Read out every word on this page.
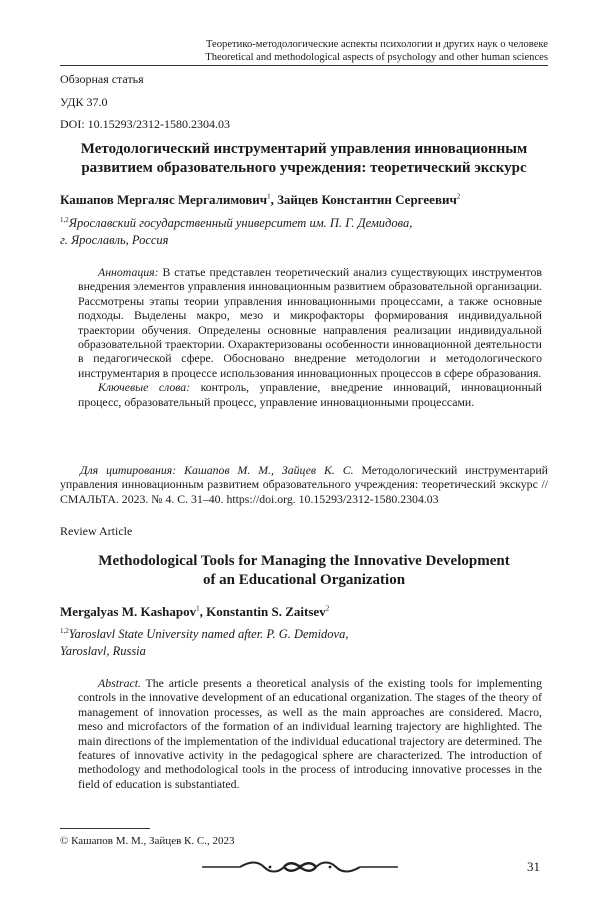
Теоретико-методологические аспекты психологии и других наук о человеке
Theoretical and methodological aspects of psychology and other human sciences
Обзорная статья
УДК 37.0
DOI: 10.15293/2312-1580.2304.03
Методологический инструментарий управления инновационным развитием образовательного учреждения: теоретический экскурс
Кашапов Мергаляс Мергалимович$^1$, Зайцев Константин Сергеевич$^2$
$^{1,2}$Ярославский государственный университет им. П. Г. Демидова,
г. Ярославль, Россия

Аннотация: В статье представлен теоретический анализ существующих инструментов внедрения элементов управления инновационным развитием образовательной организации. Рассмотрены этапы теории управления инновационными процессами, а также основные подходы. Выделены макро, мезо и микрофакторы формирования индивидуальной траектории обучения. Определены основные направления реализации индивидуальной образовательной траектории. Охарактеризованы особенности инновационной деятельности в педагогической сфере. Обосновано внедрение методологии и методологического инструментария в процессе использования инновационных процессов в сфере образования.

Ключевые слова: контроль, управление, внедрение инноваций, инновационный процесс, образовательный процесс, управление инновационными процессами.

Для цитирования: Кашапов М. М., Зайцев К. С. Методологический инструментарий управления инновационным развитием образовательного учреждения: теоретический экскурс // СМАЛЬТА. 2023. № 4. С. 31–40. https://doi.org. 10.15293/2312-1580.2304.03

Review Article
Methodological Tools for Managing the Innovative Development
of an Educational Organization
Mergalyas M. Kashapov$^1$, Konstantin S. Zaitsev$^2$
$^{1,2}$Yaroslavl State University named after. P. G. Demidova,
Yaroslavl, Russia

Abstract. The article presents a theoretical analysis of the existing tools for implementing controls in the innovative development of an educational organization. The stages of the theory of management of innovation processes, as well as the main approaches are considered. Macro, meso and microfactors of the formation of an individual learning trajectory are highlighted. The main directions of the implementation of the individual educational trajectory are determined. The features of innovative activity in the pedagogical sphere are characterized. The introduction of methodology and methodological tools in the process of introducing innovative processes in the field of education is substantiated.

© Кашапов М. М., Зайцев К. С., 2023
31
